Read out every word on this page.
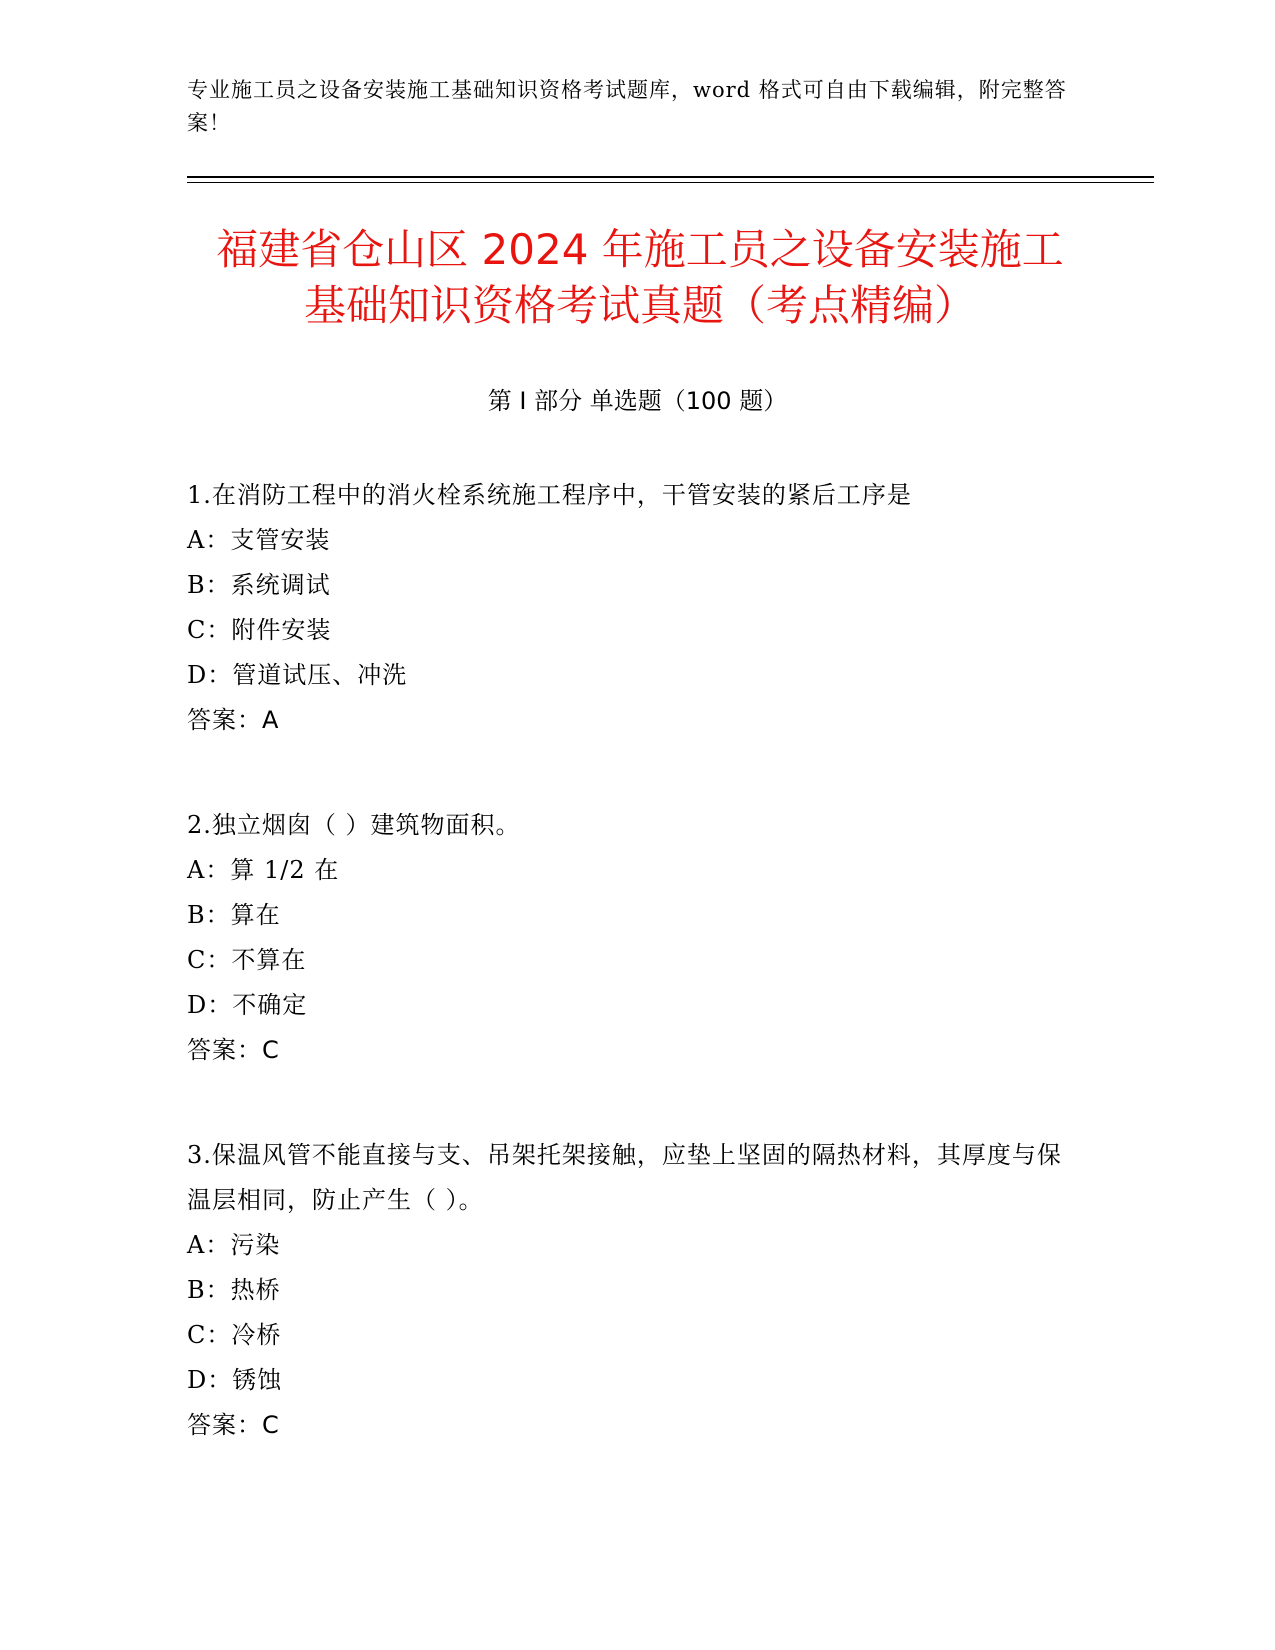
专业施工员之设备安装施工基础知识资格考试题库，word 格式可自由下载编辑，附完整答案！
福建省仓山区 2024 年施工员之设备安装施工
基础知识资格考试真题（考点精编）
第 I 部分 单选题（100 题）
1.在消防工程中的消火栓系统施工程序中，干管安装的紧后工序是
A：支管安装
B：系统调试
C：附件安装
D：管道试压、冲洗
答案：A
2.独立烟囱（ ）建筑物面积。
A：算 1/2 在
B：算在
C：不算在
D：不确定
答案：C
3.保温风管不能直接与支、吊架托架接触，应垫上坚固的隔热材料，其厚度与保温层相同，防止产生（ ）。
A：污染
B：热桥
C：冷桥
D：锈蚀
答案：C
